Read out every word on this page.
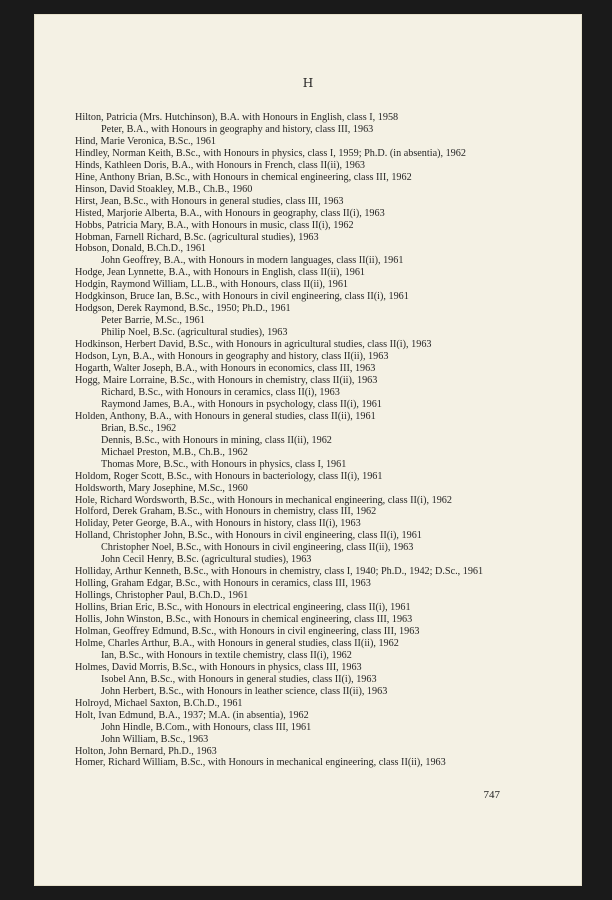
H
Hilton, Patricia (Mrs. Hutchinson), B.A. with Honours in English, class I, 1958
Peter, B.A., with Honours in geography and history, class III, 1963
Hind, Marie Veronica, B.Sc., 1961
Hindley, Norman Keith, B.Sc., with Honours in physics, class I, 1959; Ph.D. (in absentia), 1962
Hinds, Kathleen Doris, B.A., with Honours in French, class II(ii), 1963
Hine, Anthony Brian, B.Sc., with Honours in chemical engineering, class III, 1962
Hinson, David Stoakley, M.B., Ch.B., 1960
Hirst, Jean, B.Sc., with Honours in general studies, class III, 1963
Histed, Marjorie Alberta, B.A., with Honours in geography, class II(i), 1963
Hobbs, Patricia Mary, B.A., with Honours in music, class II(i), 1962
Hobman, Farnell Richard, B.Sc. (agricultural studies), 1963
Hobson, Donald, B.Ch.D., 1961
John Geoffrey, B.A., with Honours in modern languages, class II(ii), 1961
Hodge, Jean Lynnette, B.A., with Honours in English, class II(ii), 1961
Hodgin, Raymond William, LL.B., with Honours, class II(ii), 1961
Hodgkinson, Bruce Ian, B.Sc., with Honours in civil engineering, class II(i), 1961
Hodgson, Derek Raymond, B.Sc., 1950; Ph.D., 1961
Peter Barrie, M.Sc., 1961
Philip Noel, B.Sc. (agricultural studies), 1963
Hodkinson, Herbert David, B.Sc., with Honours in agricultural studies, class II(i), 1963
Hodson, Lyn, B.A., with Honours in geography and history, class II(ii), 1963
Hogarth, Walter Joseph, B.A., with Honours in economics, class III, 1963
Hogg, Maire Lorraine, B.Sc., with Honours in chemistry, class II(ii), 1963
Richard, B.Sc., with Honours in ceramics, class II(i), 1963
Raymond James, B.A., with Honours in psychology, class II(i), 1961
Holden, Anthony, B.A., with Honours in general studies, class II(ii), 1961
Brian, B.Sc., 1962
Dennis, B.Sc., with Honours in mining, class II(ii), 1962
Michael Preston, M.B., Ch.B., 1962
Thomas More, B.Sc., with Honours in physics, class I, 1961
Holdom, Roger Scott, B.Sc., with Honours in bacteriology, class II(i), 1961
Holdsworth, Mary Josephine, M.Sc., 1960
Hole, Richard Wordsworth, B.Sc., with Honours in mechanical engineering, class II(i), 1962
Holford, Derek Graham, B.Sc., with Honours in chemistry, class III, 1962
Holiday, Peter George, B.A., with Honours in history, class II(i), 1963
Holland, Christopher John, B.Sc., with Honours in civil engineering, class II(i), 1961
Christopher Noel, B.Sc., with Honours in civil engineering, class II(ii), 1963
John Cecil Henry, B.Sc. (agricultural studies), 1963
Holliday, Arthur Kenneth, B.Sc., with Honours in chemistry, class I, 1940; Ph.D., 1942; D.Sc., 1961
Holling, Graham Edgar, B.Sc., with Honours in ceramics, class III, 1963
Hollings, Christopher Paul, B.Ch.D., 1961
Hollins, Brian Eric, B.Sc., with Honours in electrical engineering, class II(i), 1961
Hollis, John Winston, B.Sc., with Honours in chemical engineering, class III, 1963
Holman, Geoffrey Edmund, B.Sc., with Honours in civil engineering, class III, 1963
Holme, Charles Arthur, B.A., with Honours in general studies, class II(ii), 1962
Ian, B.Sc., with Honours in textile chemistry, class II(i), 1962
Holmes, David Morris, B.Sc., with Honours in physics, class III, 1963
Isobel Ann, B.Sc., with Honours in general studies, class II(i), 1963
John Herbert, B.Sc., with Honours in leather science, class II(ii), 1963
Holroyd, Michael Saxton, B.Ch.D., 1961
Holt, Ivan Edmund, B.A., 1937; M.A. (in absentia), 1962
John Hindle, B.Com., with Honours, class III, 1961
John William, B.Sc., 1963
Holton, John Bernard, Ph.D., 1963
Homer, Richard William, B.Sc., with Honours in mechanical engineering, class II(ii), 1963
747
